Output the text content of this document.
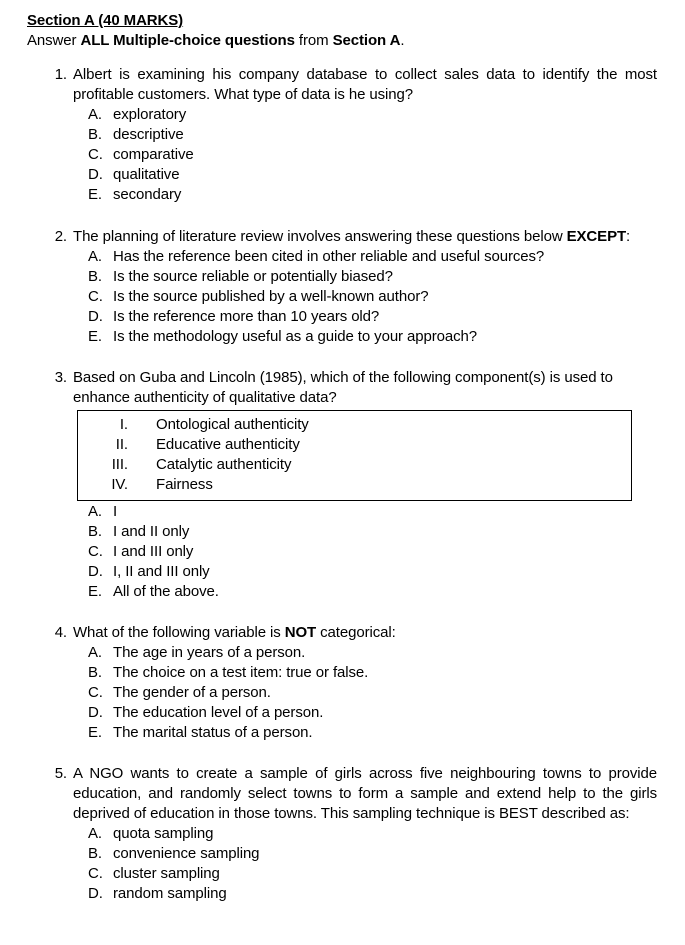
Section A (40 MARKS)
Answer ALL Multiple-choice questions from Section A.
1. Albert is examining his company database to collect sales data to identify the most profitable customers. What type of data is he using?
A. exploratory
B. descriptive
C. comparative
D. qualitative
E. secondary
2. The planning of literature review involves answering these questions below EXCEPT:
A. Has the reference been cited in other reliable and useful sources?
B. Is the source reliable or potentially biased?
C. Is the source published by a well-known author?
D. Is the reference more than 10 years old?
E. Is the methodology useful as a guide to your approach?
3. Based on Guba and Lincoln (1985), which of the following component(s) is used to enhance authenticity of qualitative data?
I. Ontological authenticity
II. Educative authenticity
III. Catalytic authenticity
IV. Fairness
A. I
B. I and II only
C. I and III only
D. I, II and III only
E. All of the above.
4. What of the following variable is NOT categorical:
A. The age in years of a person.
B. The choice on a test item: true or false.
C. The gender of a person.
D. The education level of a person.
E. The marital status of a person.
5. A NGO wants to create a sample of girls across five neighbouring towns to provide education, and randomly select towns to form a sample and extend help to the girls deprived of education in those towns. This sampling technique is BEST described as:
A. quota sampling
B. convenience sampling
C. cluster sampling
D. random sampling
